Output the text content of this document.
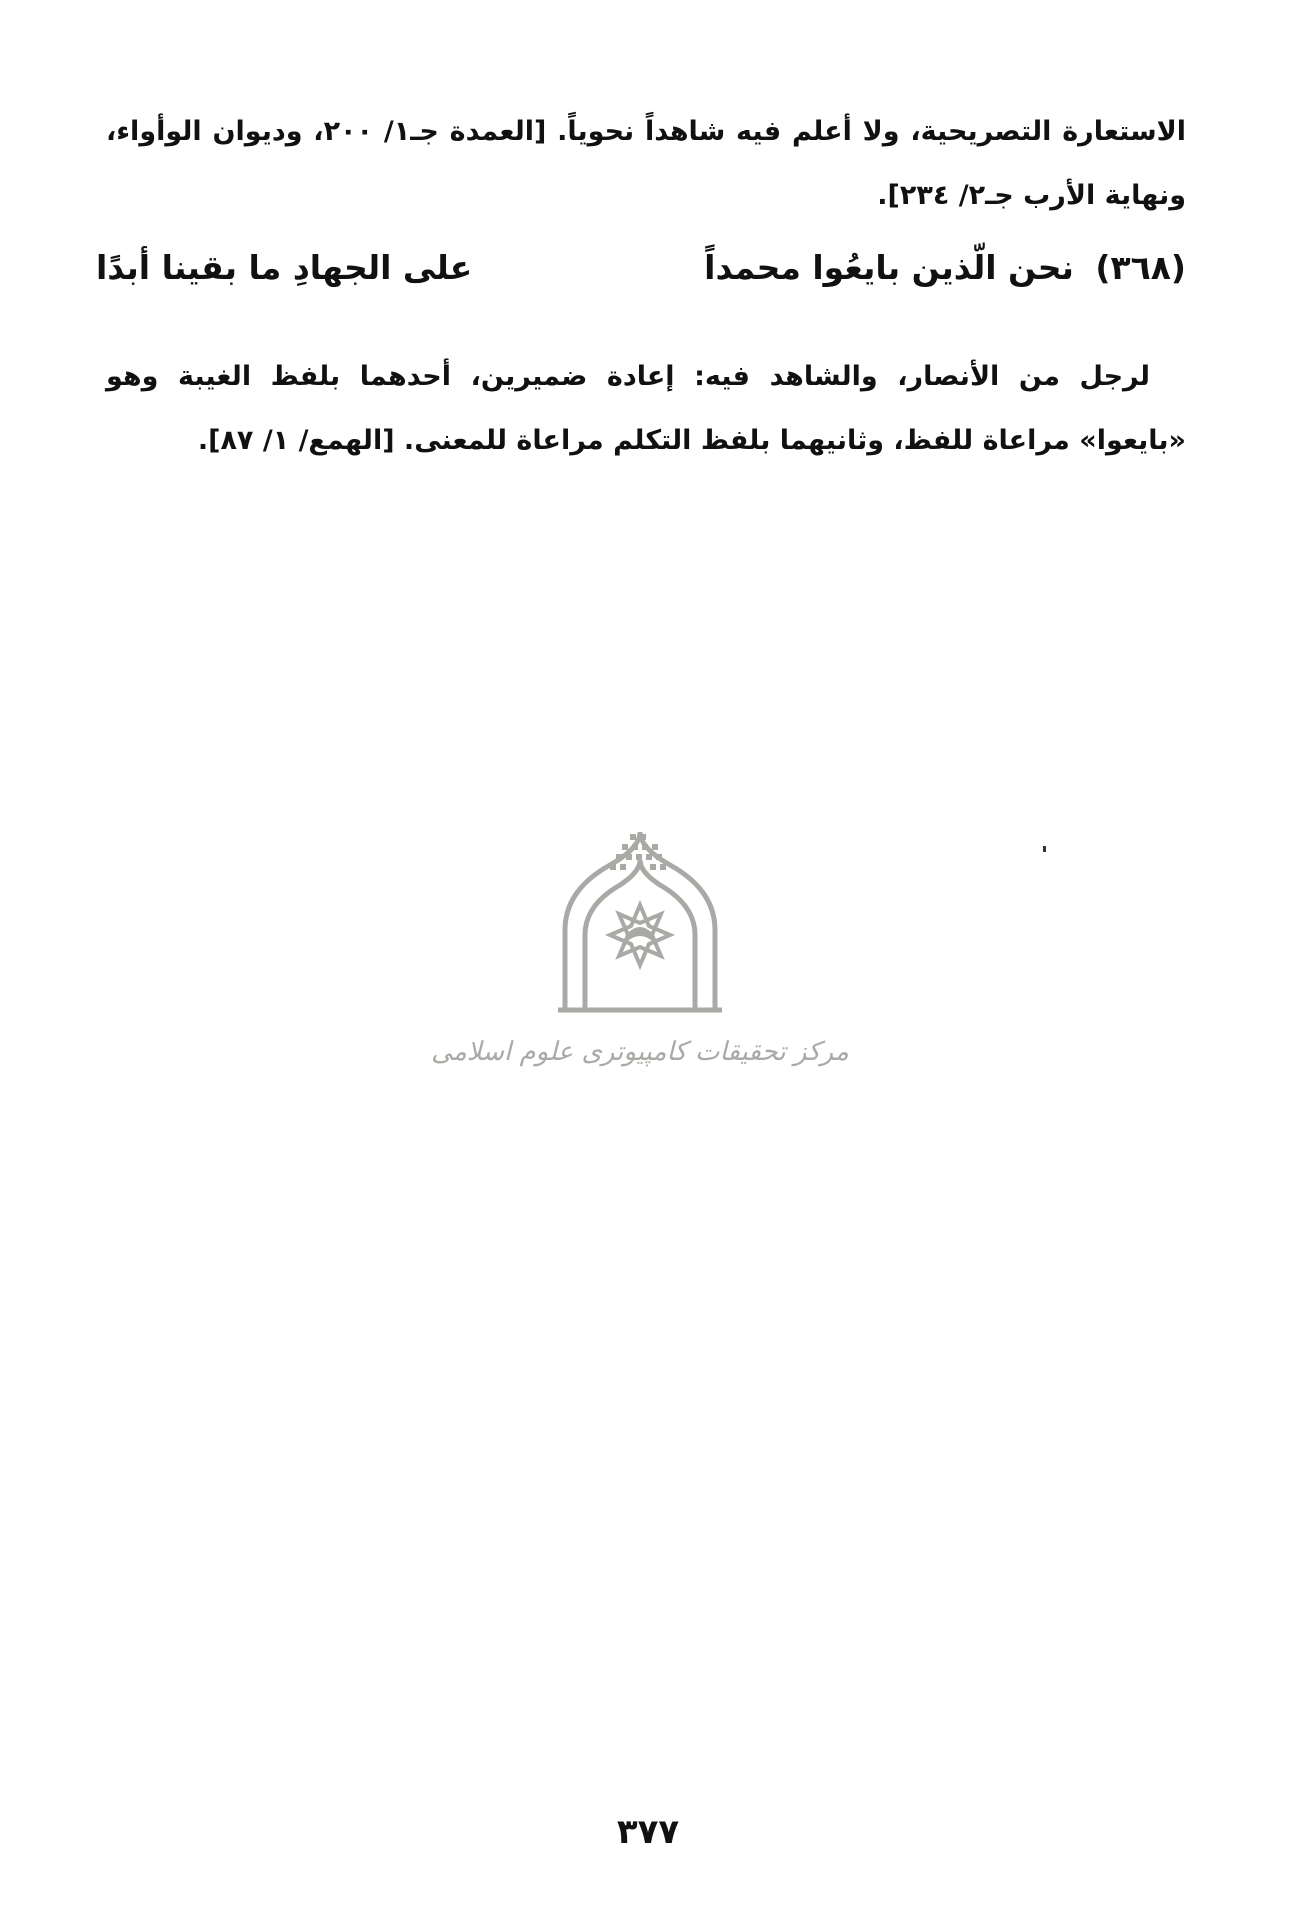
الاستعارة التصريحية، ولا أعلم فيه شاهداً نحوياً. [العمدة جـ١/ ٢٠٠، وديوان الوأواء، ونهاية الأرب جـ٢/ ٢٣٤].

(٣٦٨) نحن الّذين بايعُوا محمداً
على الجهادِ ما بقينا أبدًا

لرجل من الأنصار، والشاهد فيه: إعادة ضميرين، أحدهما بلفظ الغيبة وهو «بايعوا» مراعاة للفظ، وثانيهما بلفظ التكلم مراعاة للمعنى. [الهمع/ ١/ ٨٧].

مرکز تحقیقات کامپیوتری علوم اسلامی
٣٧٧
